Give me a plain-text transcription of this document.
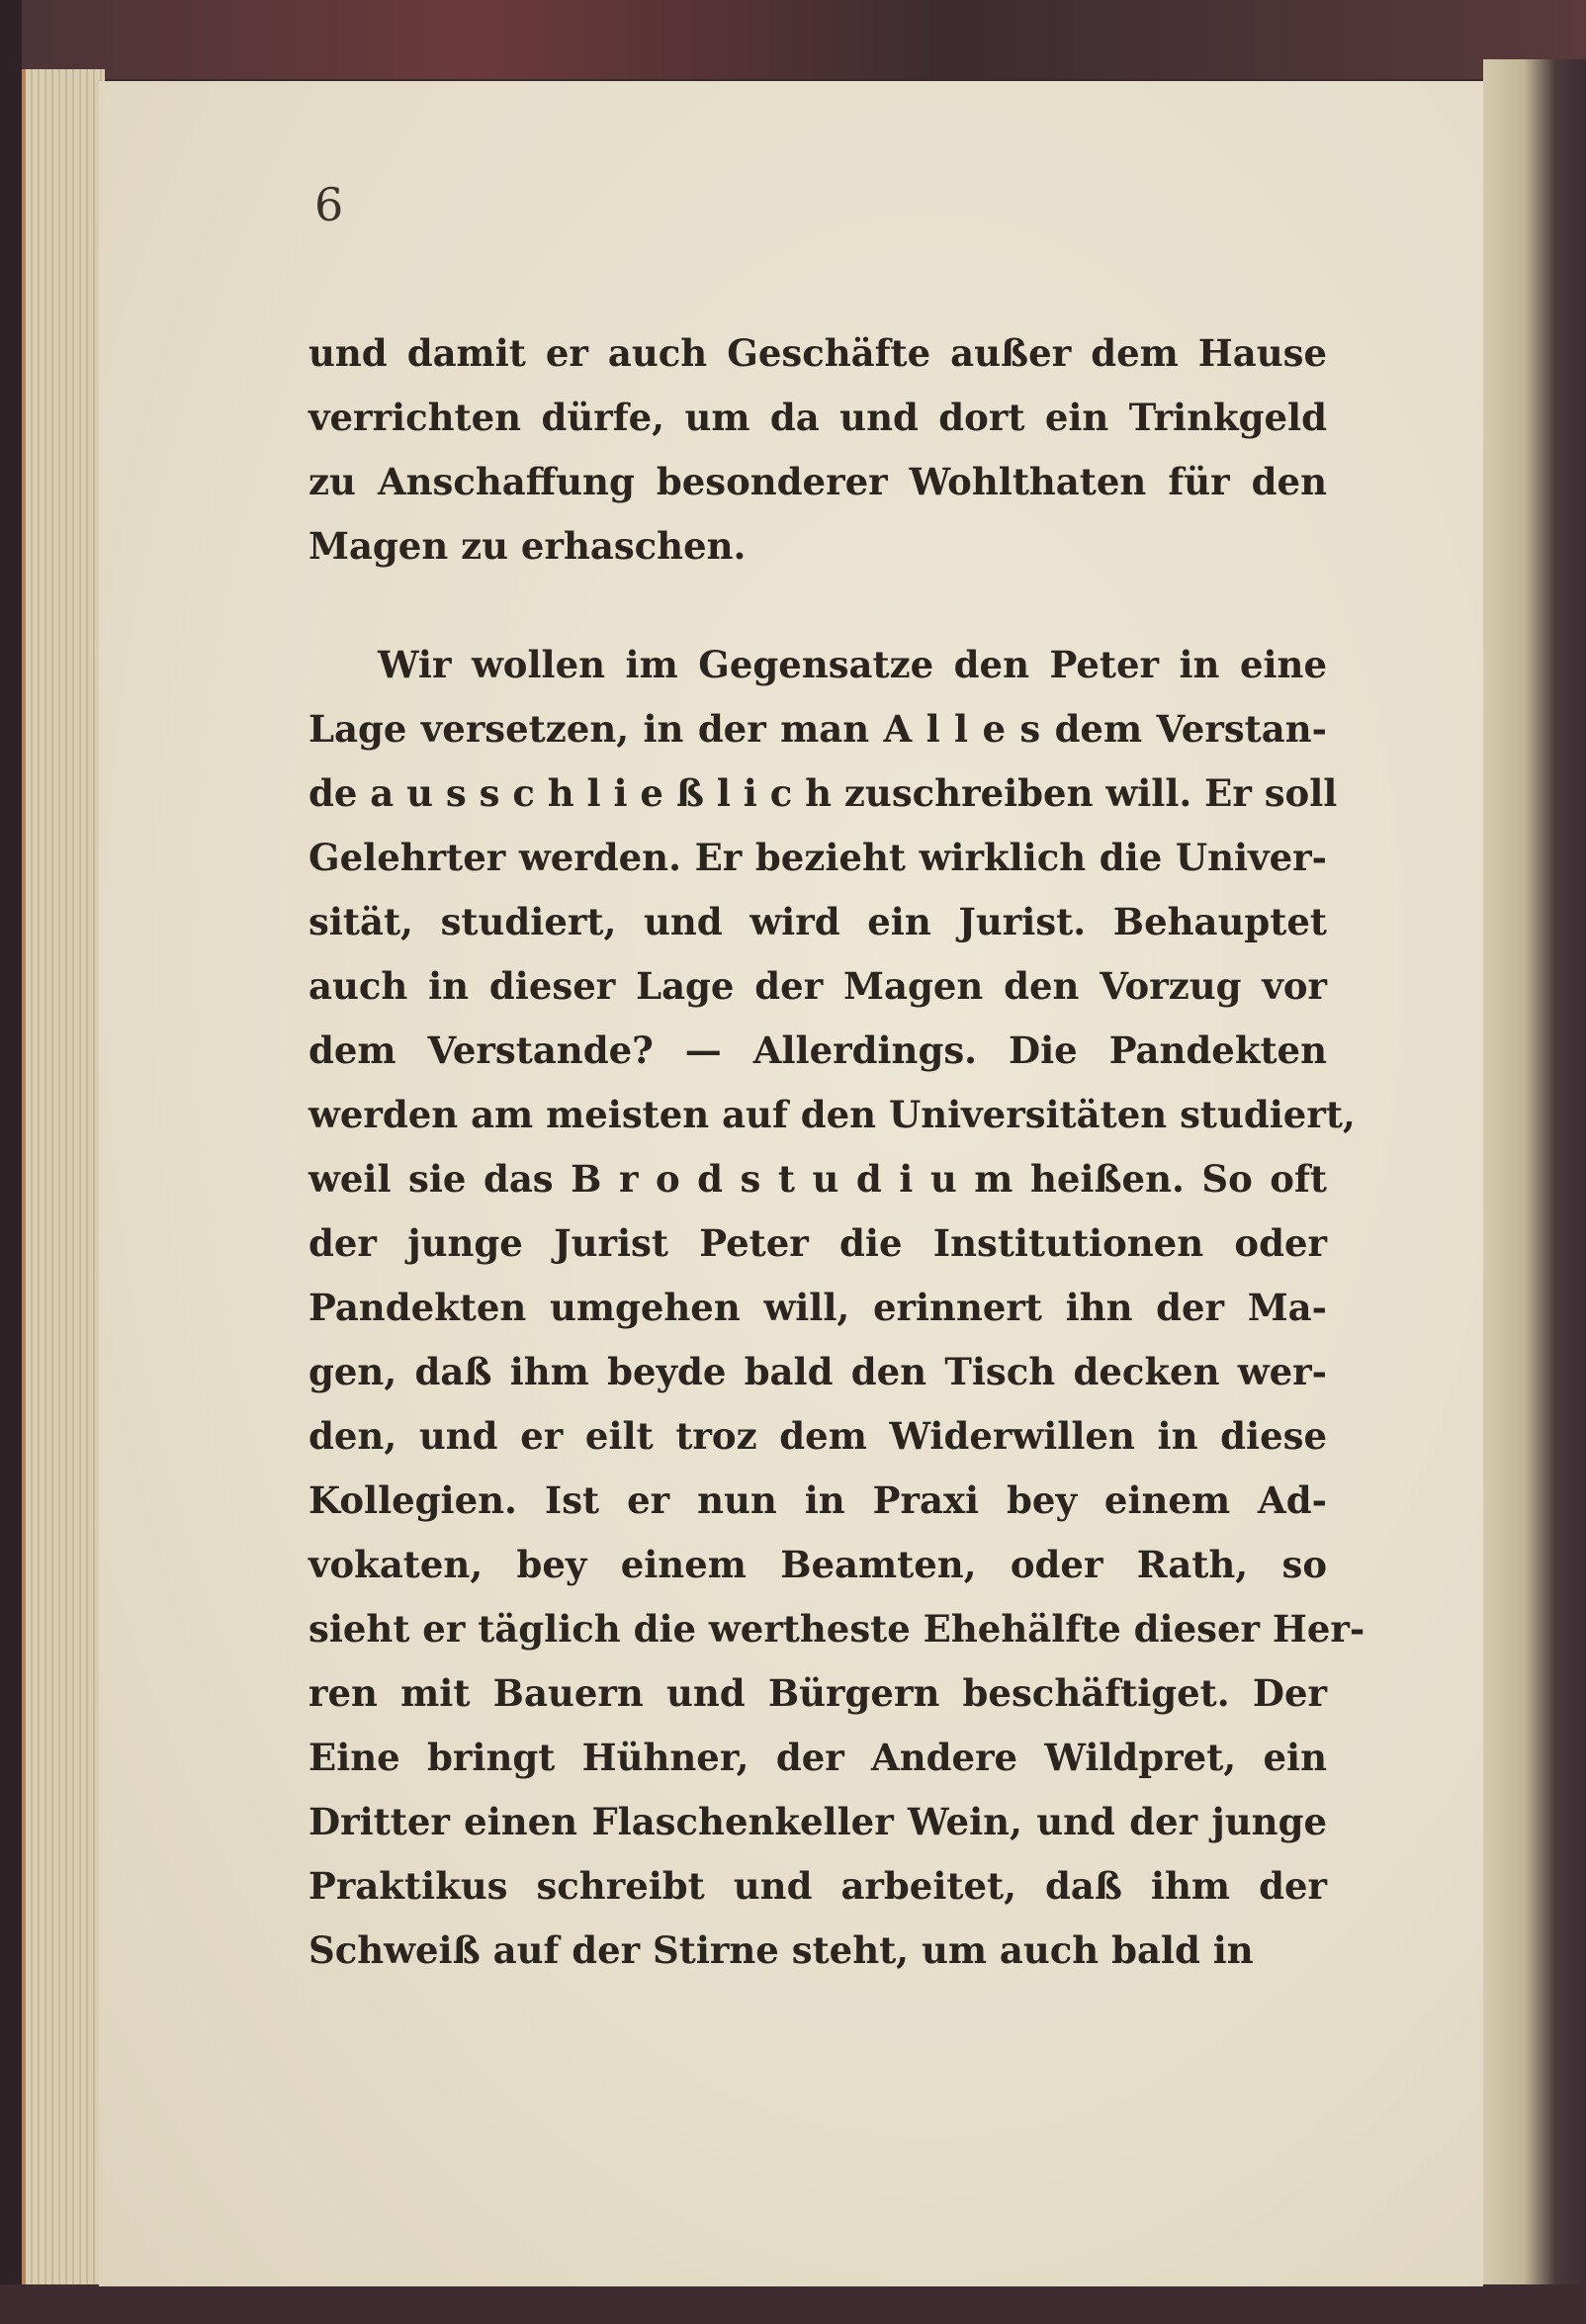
6
und damit er auch Geschäfte außer dem Hause
verrichten dürfe, um da und dort ein Trinkgeld
zu Anschaffung besonderer Wohlthaten für den
Magen zu erhaschen.
Wir wollen im Gegensatze den Peter in eine
Lage versetzen, in der man A l l e s dem Verstan-
de a u s s c h l i e ß l i c h zuschreiben will. Er soll
Gelehrter werden. Er bezieht wirklich die Univer-
sität, studiert, und wird ein Jurist. Behauptet
auch in dieser Lage der Magen den Vorzug vor
dem Verstande? — Allerdings. Die Pandekten
werden am meisten auf den Universitäten studiert,
weil sie das B r o d s t u d i u m heißen. So oft
der junge Jurist Peter die Institutionen oder
Pandekten umgehen will, erinnert ihn der Ma-
gen, daß ihm beyde bald den Tisch decken wer-
den, und er eilt troz dem Widerwillen in diese
Kollegien. Ist er nun in Praxi bey einem Ad-
vokaten, bey einem Beamten, oder Rath, so
sieht er täglich die wertheste Ehehälfte dieser Her-
ren mit Bauern und Bürgern beschäftiget. Der
Eine bringt Hühner, der Andere Wildpret, ein
Dritter einen Flaschenkeller Wein, und der junge
Praktikus schreibt und arbeitet, daß ihm der
Schweiß auf der Stirne steht, um auch bald in
